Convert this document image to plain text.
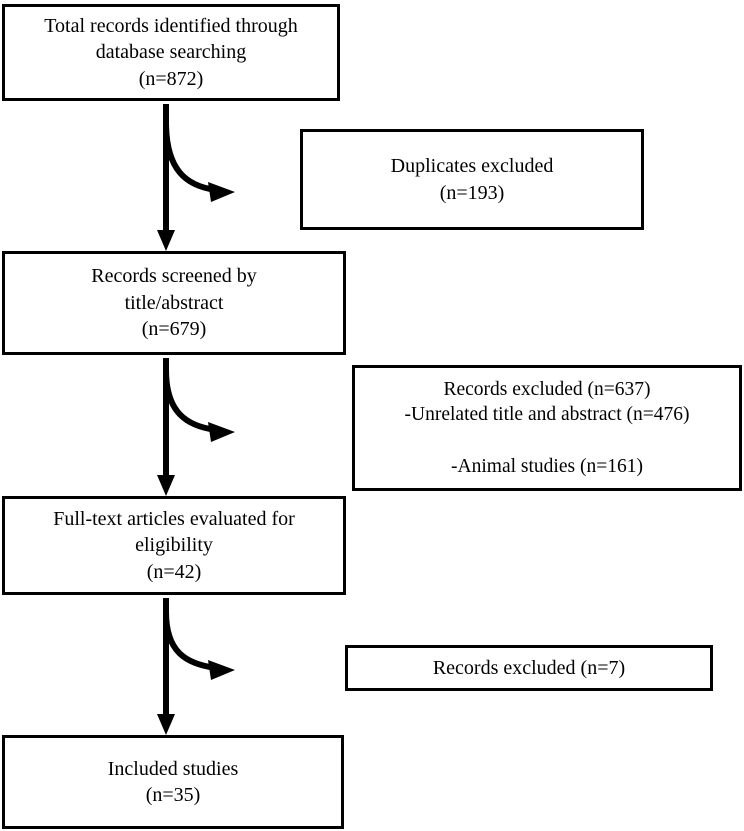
Total records identified through
database searching
(n=872)
Duplicates excluded
(n=193)
Records screened by
title/abstract
(n=679)
Records excluded (n=637)
-Unrelated title and abstract (n=476)

-Animal studies (n=161)
Full-text articles evaluated for
eligibility
(n=42)
Records excluded (n=7)
Included studies
(n=35)
